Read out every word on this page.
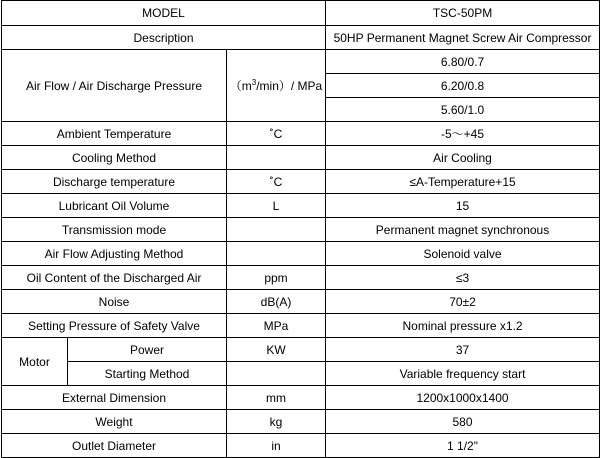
MODEL			TSC-50PM
Description			50HP Permanent Magnet Screw Air Compressor
Air Flow / Air Discharge Pressure		$(m^3/\min)/$ MPa	6.80/0.7
			6.20/0.8
			5.60/1.0
Ambient Temperature		˚C	-5～+45
Cooling Method			Air Cooling
Discharge temperature		˚C	≤A-Temperature+15
Lubricant Oil Volume		L	15
Transmission mode			Permanent magnet synchronous
Air Flow Adjusting Method			Solenoid valve
Oil Content of the Discharged Air		ppm	≤3
Noise		dB(A)	70±2
Setting Pressure of Safety Valve		MPa	Nominal pressure x1.2
Motor	Power	KW	37
	Starting Method		Variable frequency start
External Dimension		mm	1200x1000x1400
Weight		kg	580
Outlet Diameter		in	1 1/2"
